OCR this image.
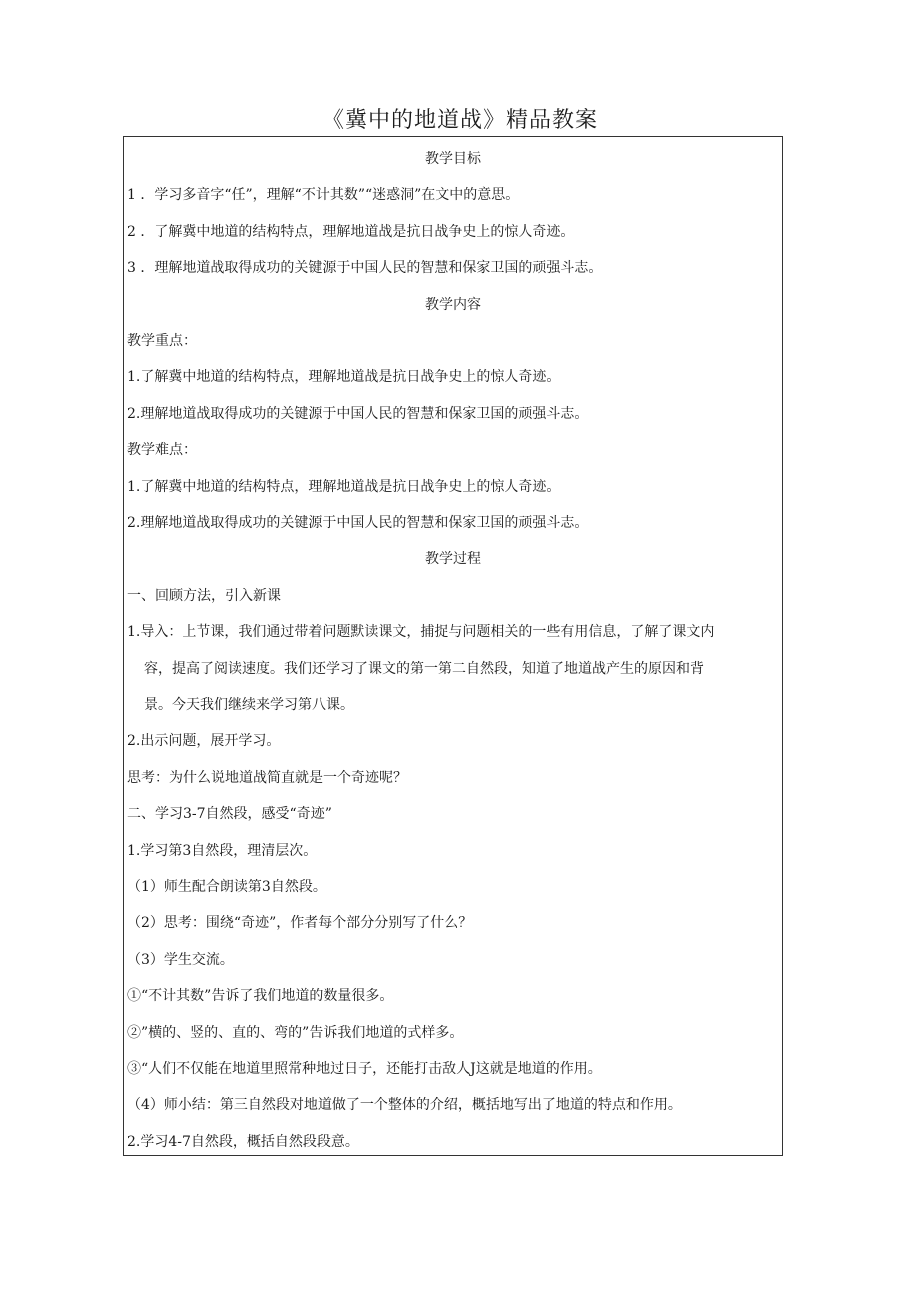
《冀中的地道战》精品教案
教学目标
1 ．学习多音字“任”，理解“不计其数”“迷惑洞”在文中的意思。
2 ．了解冀中地道的结构特点，理解地道战是抗日战争史上的惊人奇迹。
3 ．理解地道战取得成功的关键源于中国人民的智慧和保家卫国的顽强斗志。
教学内容
教学重点：
1.了解冀中地道的结构特点，理解地道战是抗日战争史上的惊人奇迹。
2.理解地道战取得成功的关键源于中国人民的智慧和保家卫国的顽强斗志。
教学难点：
1.了解冀中地道的结构特点，理解地道战是抗日战争史上的惊人奇迹。
2.理解地道战取得成功的关键源于中国人民的智慧和保家卫国的顽强斗志。
教学过程
一、回顾方法，引入新课
1.导入：上节课，我们通过带着问题默读课文，捕捉与问题相关的一些有用信息，了解了课文内
容，提高了阅读速度。我们还学习了课文的第一第二自然段，知道了地道战产生的原因和背
景。今天我们继续来学习第八课。
2.出示问题，展开学习。
思考：为什么说地道战简直就是一个奇迹呢？
二、学习3-7自然段，感受“奇迹”
1.学习第3自然段，理清层次。
（1）师生配合朗读第3自然段。
（2）思考：围绕“奇迹”，作者每个部分分别写了什么？
（3）学生交流。
①“不计其数”告诉了我们地道的数量很多。
②”横的、竖的、直的、弯的”告诉我们地道的式样多。
③“人们不仅能在地道里照常种地过日子，还能打击敌人J这就是地道的作用。
（4）师小结：第三自然段对地道做了一个整体的介绍，概括地写出了地道的特点和作用。
2.学习4-7自然段，概括自然段段意。
